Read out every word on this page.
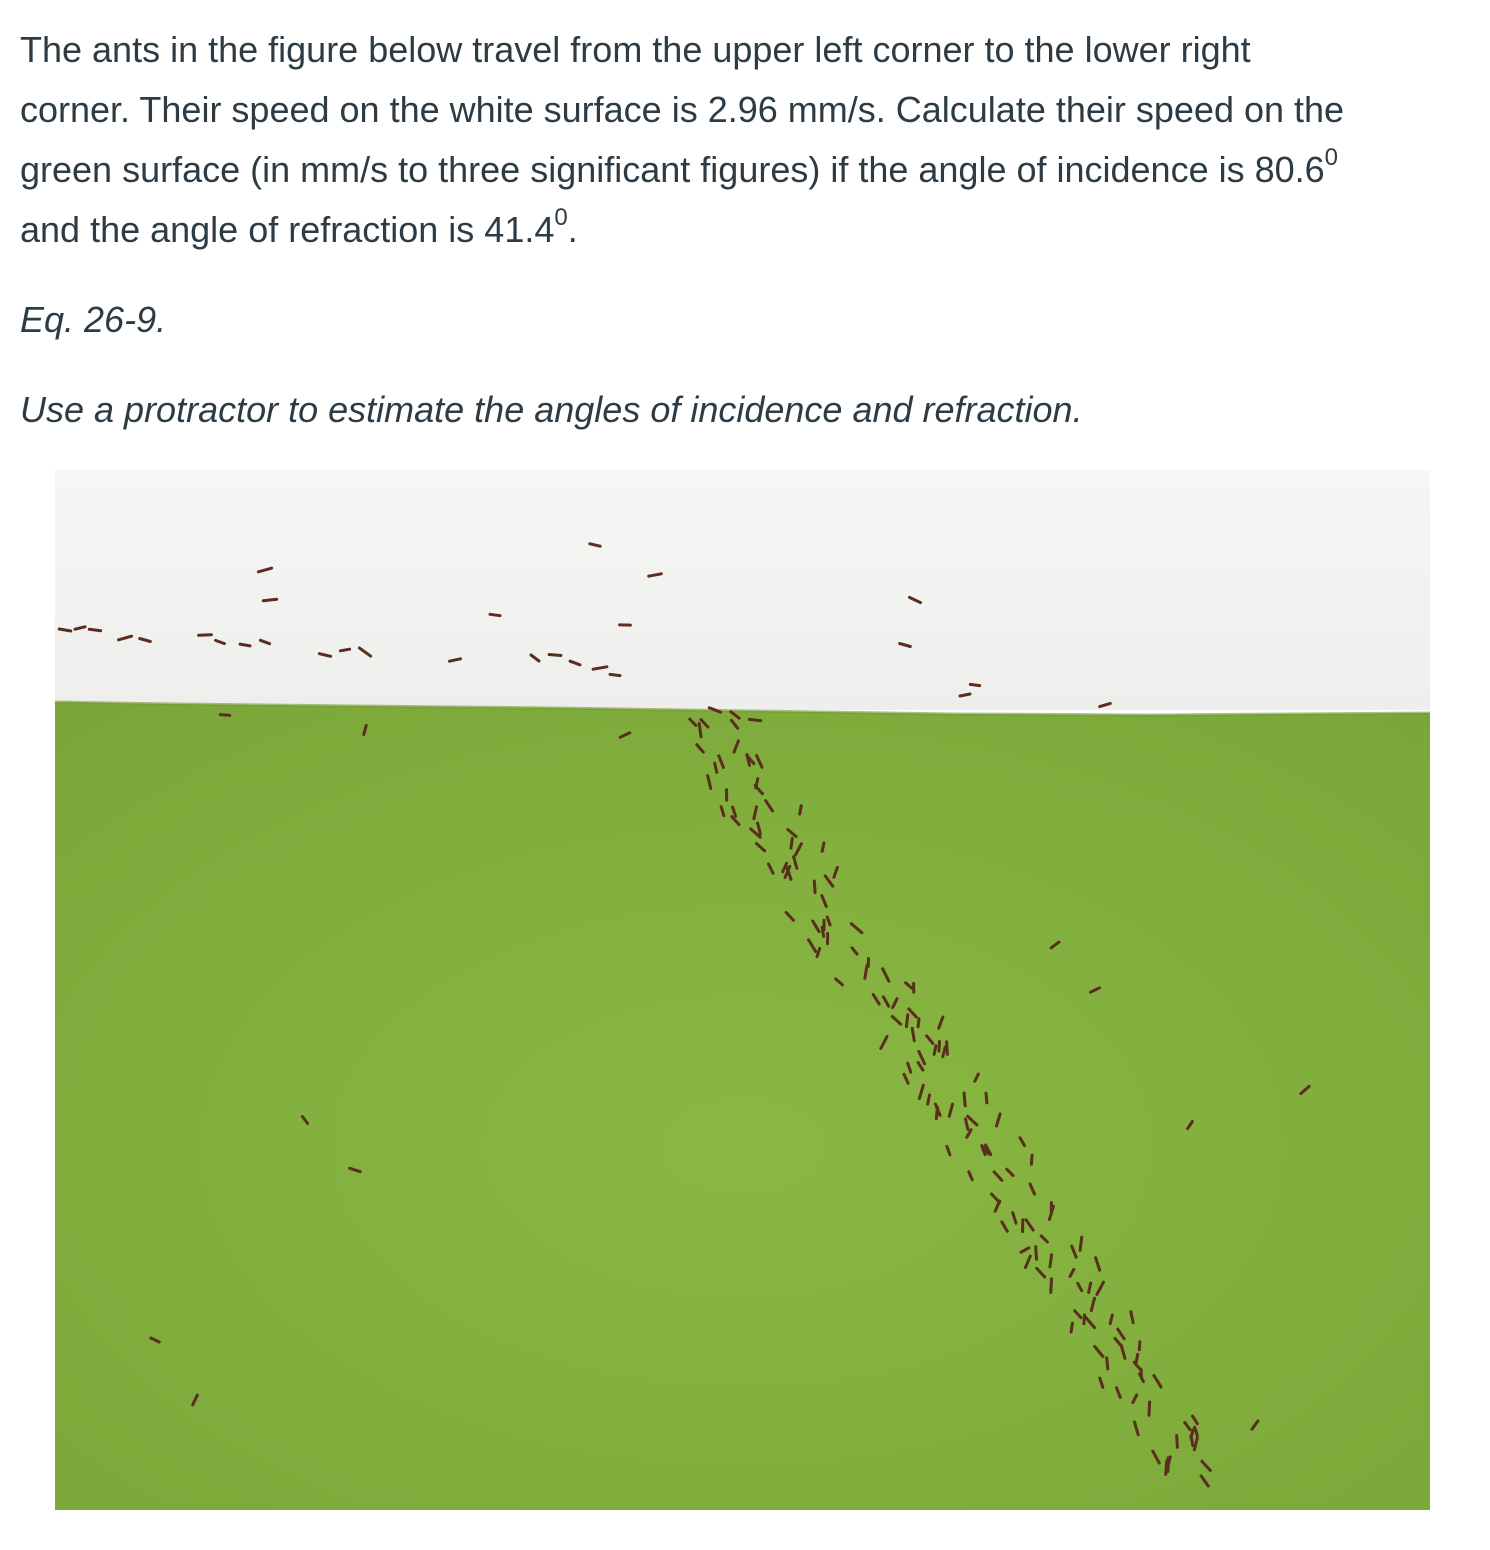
The ants in the figure below travel from the upper left corner to the lower right

corner. Their speed on the white surface is 2.96 mm/s. Calculate their speed on the

green surface (in mm/s to three significant figures) if the angle of incidence is 80.6$^0$

and the angle of refraction is 41.4$^0$.

Eq. 26-9.
Use a protractor to estimate the angles of incidence and refraction.
